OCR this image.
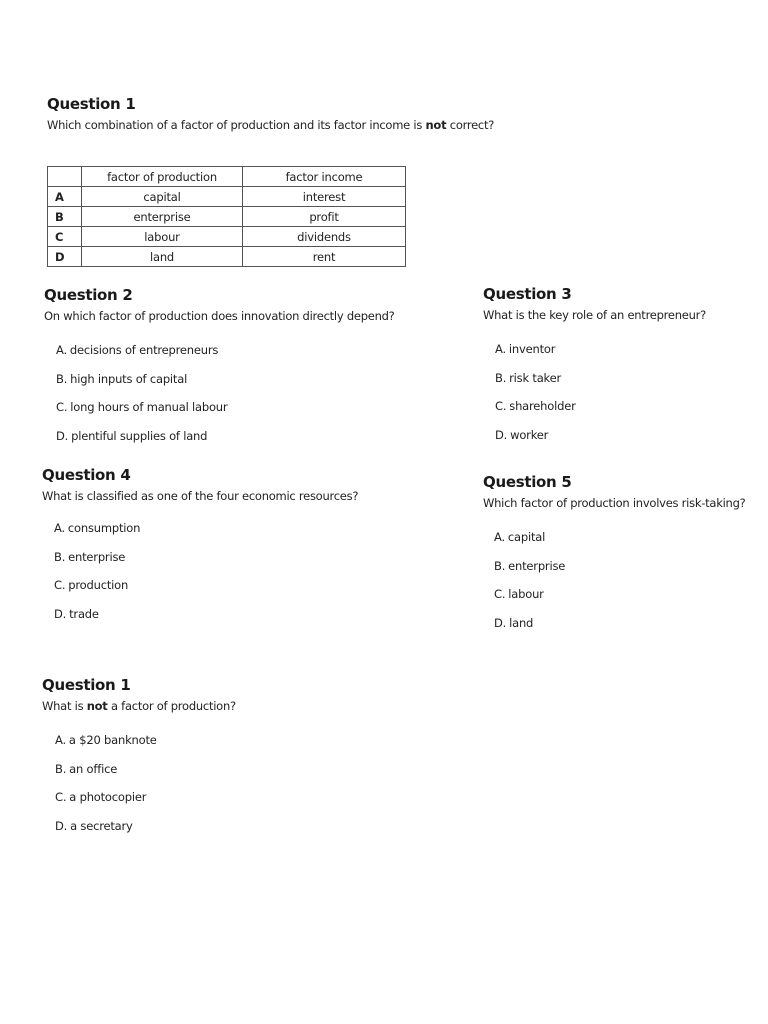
Question 1

Which combination of a factor of production and its factor income is not correct?

	factor of production	factor income
A	capital	interest
B	enterprise	profit
C	labour	dividends
D	land	rent
Question 2

On which factor of production does innovation directly depend?

A. decisions of entrepreneurs
B. high inputs of capital
C. long hours of manual labour
D. plentiful supplies of land
Question 3

What is the key role of an entrepreneur?

A. inventor
B. risk taker
C. shareholder
D. worker
Question 4

What is classified as one of the four economic resources?

A. consumption
B. enterprise
C. production
D. trade
Question 5

Which factor of production involves risk-taking?

A. capital
B. enterprise
C. labour
D. land
Question 1

What is not a factor of production?

A. a $20 banknote
B. an office
C. a photocopier
D. a secretary
